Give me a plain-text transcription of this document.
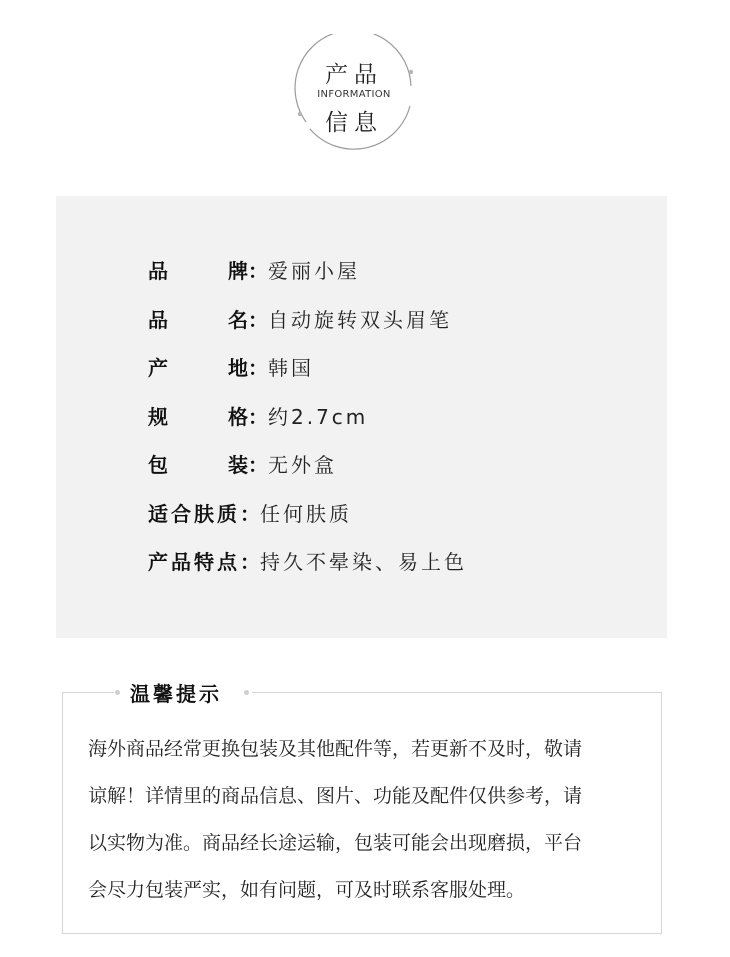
产品
INFORMATION
信息
品	牌 ： 爱丽小屋
品	名 ： 自动旋转双头眉笔
产	地 ： 韩国
规	格 ： 约2.7cm
包	装 ： 无外盒
适合肤质 ： 任何肤质
产品特点 ： 持久不晕染、易上色
温馨提示
海外商品经常更换包装及其他配件等，若更新不及时，敬请
谅解！详情里的商品信息、图片、功能及配件仅供参考，请
以实物为准。商品经长途运输，包装可能会出现磨损，平台
会尽力包装严实，如有问题，可及时联系客服处理。
